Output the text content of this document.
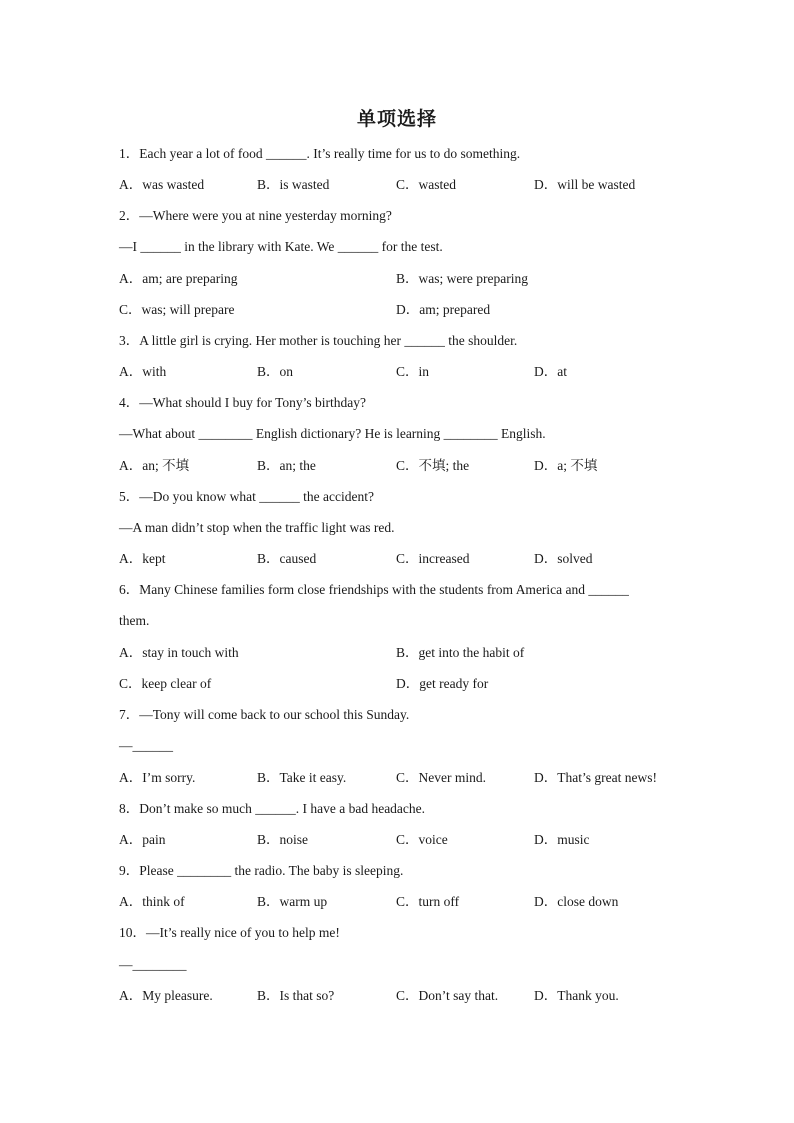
单项选择
1．Each year a lot of food ______. It’s really time for us to do something.
A．was wasted	B．is wasted	C．wasted	D．will be wasted
2．—Where were you at nine yesterday morning?
—I ______ in the library with Kate. We ______ for the test.
A．am; are preparing	B．was; were preparing
C．was; will prepare	D．am; prepared
3．A little girl is crying. Her mother is touching her ______ the shoulder.
A．with	B．on	C．in	D．at
4．—What should I buy for Tony’s birthday?
—What about ________ English dictionary? He is learning ________ English.
A．an; 不填	B．an; the	C．不填; the	D．a; 不填
5．—Do you know what ______ the accident?
—A man didn’t stop when the traffic light was red.
A．kept	B．caused	C．increased	D．solved
6．Many Chinese families form close friendships with the students from America and ______
them.
A．stay in touch with	B．get into the habit of
C．keep clear of	D．get ready for
7．—Tony will come back to our school this Sunday.
—______
A．I’m sorry.	B．Take it easy.	C．Never mind.	D．That’s great news!
8．Don’t make so much ______. I have a bad headache.
A．pain	B．noise	C．voice	D．music
9．Please ________ the radio. The baby is sleeping.
A．think of	B．warm up	C．turn off	D．close down
10．—It’s really nice of you to help me!
—________
A．My pleasure.	B．Is that so?	C．Don’t say that.	D．Thank you.
